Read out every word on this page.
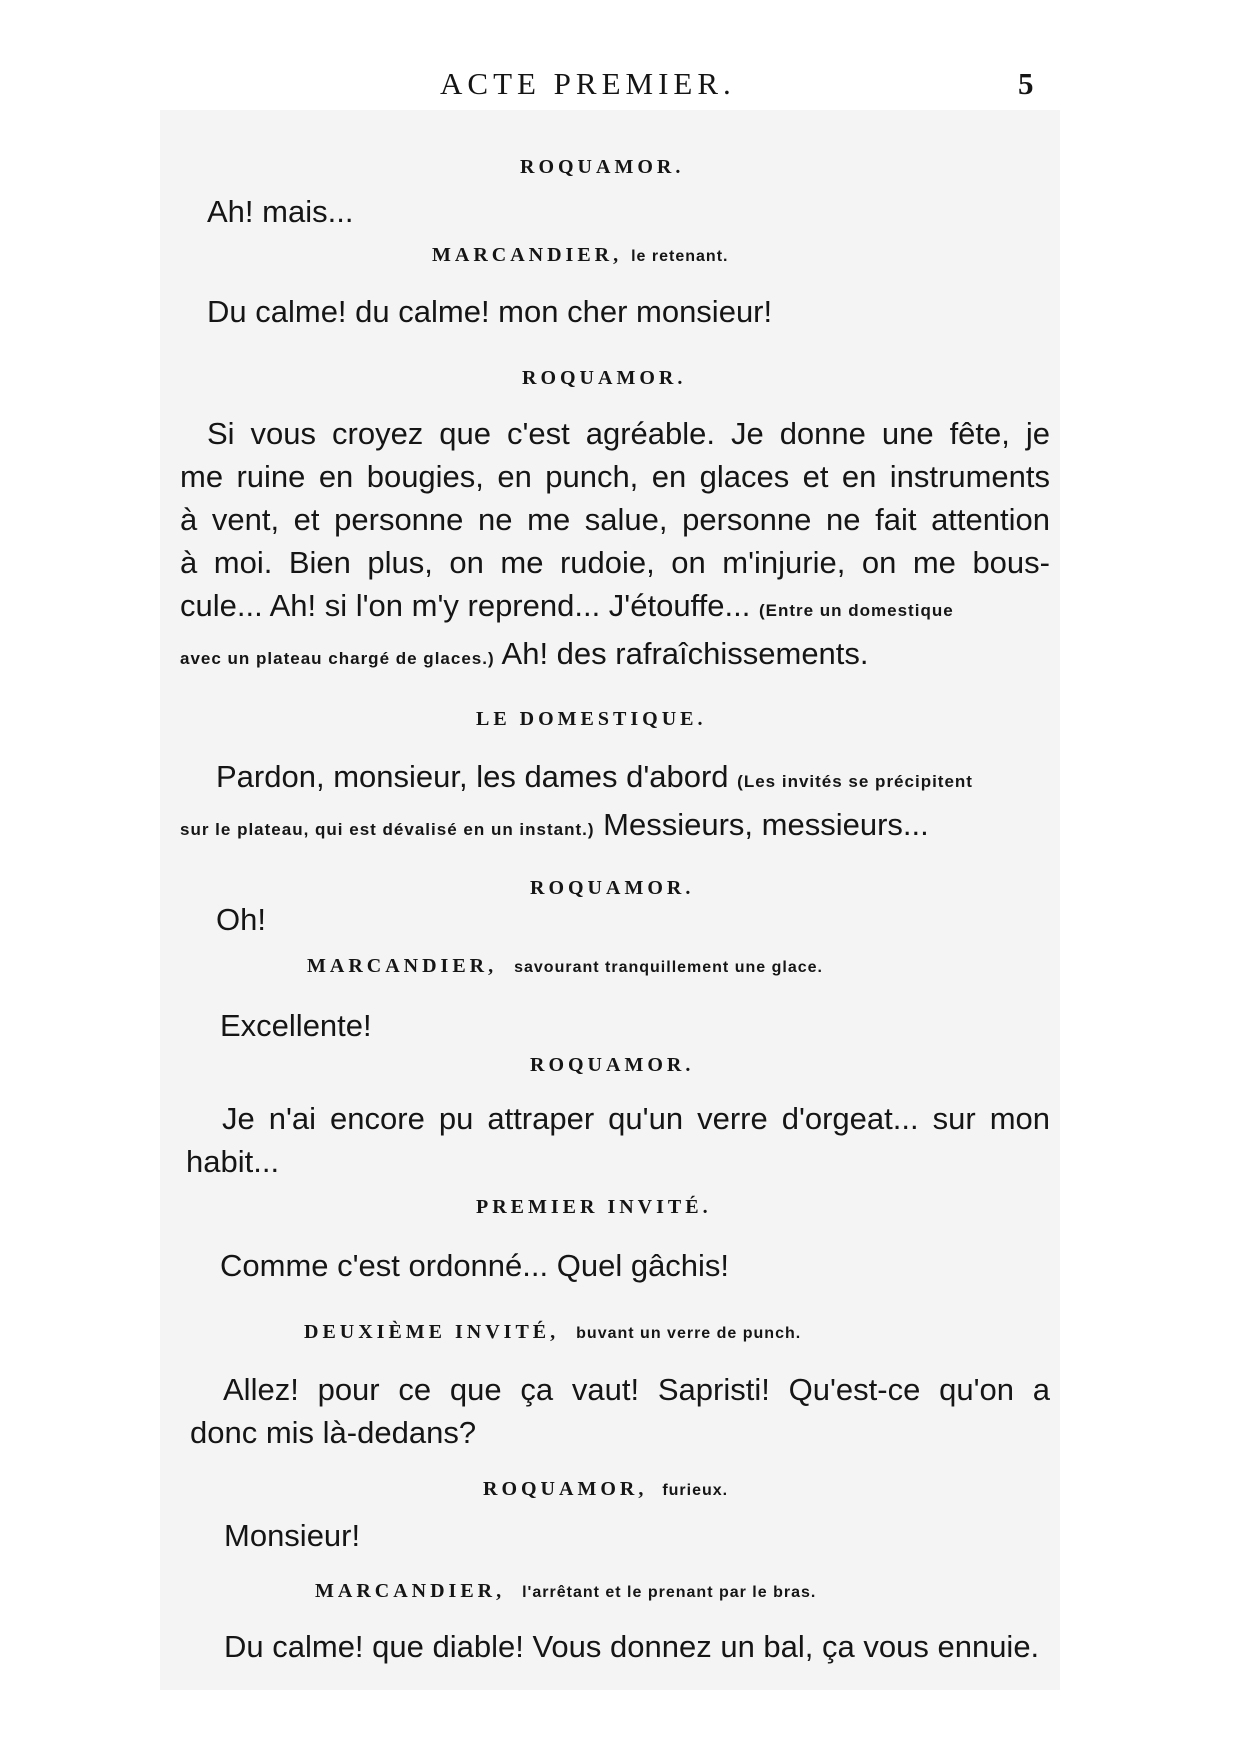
ACTE PREMIER.	5
ROQUAMOR.
Ah! mais...
MARCANDIER, le retenant.
Du calme! du calme! mon cher monsieur!
ROQUAMOR.
Si vous croyez que c'est agréable. Je donne une fête, je
me ruine en bougies, en punch, en glaces et en instruments
à vent, et personne ne me salue, personne ne fait attention
à moi. Bien plus, on me rudoie, on m'injurie, on me bous-
cule... Ah! si l'on m'y reprend... J'étouffe... (Entre un domestique
avec un plateau chargé de glaces.) Ah! des rafraîchissements.
LE DOMESTIQUE.
Pardon, monsieur, les dames d'abord (Les invités se précipitent
sur le plateau, qui est dévalisé en un instant.) Messieurs, messieurs...
ROQUAMOR.
Oh!
MARCANDIER, savourant tranquillement une glace.
Excellente!
ROQUAMOR.
Je n'ai encore pu attraper qu'un verre d'orgeat... sur mon
habit...
PREMIER INVITÉ.
Comme c'est ordonné... Quel gâchis!
DEUXIÈME INVITÉ, buvant un verre de punch.
Allez! pour ce que ça vaut! Sapristi! Qu'est-ce qu'on a
donc mis là-dedans?
ROQUAMOR, furieux.
Monsieur!
MARCANDIER, l'arrêtant et le prenant par le bras.
Du calme! que diable! Vous donnez un bal, ça vous ennuie.
